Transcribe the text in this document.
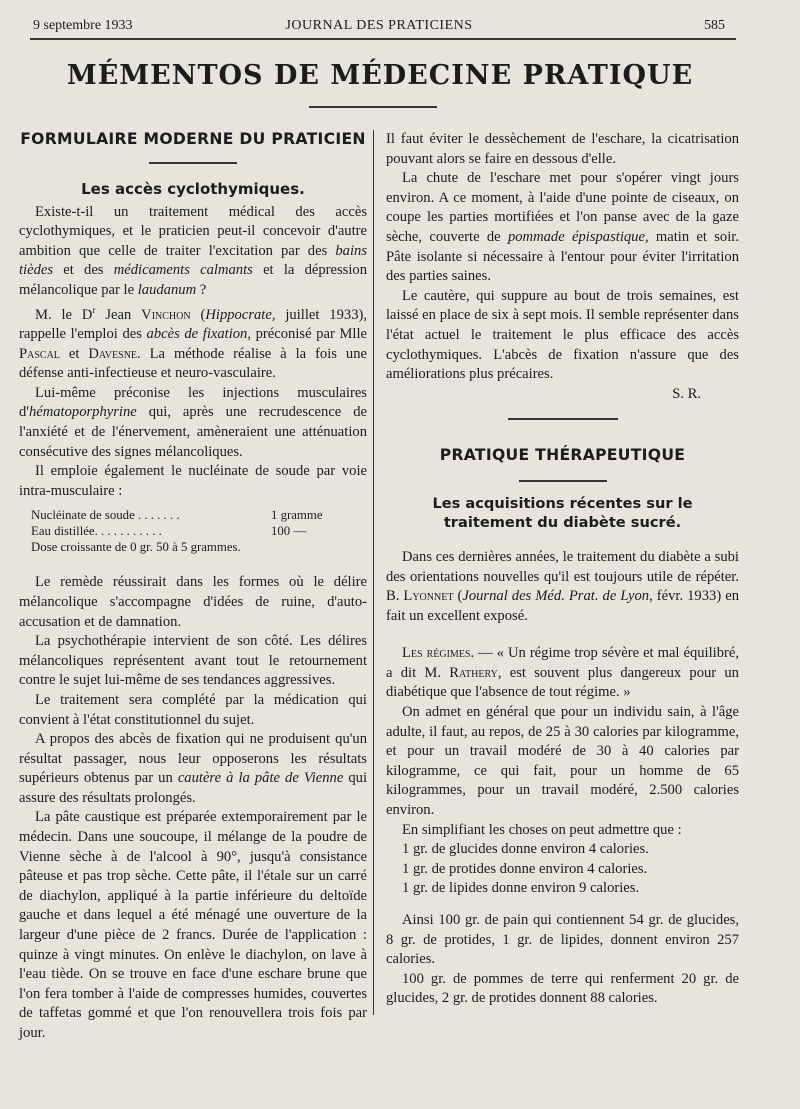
9 septembre 1933	JOURNAL DES PRATICIENS	585
MÉMENTOS DE MÉDECINE PRATIQUE
FORMULAIRE MODERNE DU PRATICIEN
Les accès cyclothymiques.

Existe-t-il un traitement médical des accès cyclothymiques, et le praticien peut-il concevoir d'autre ambition que celle de traiter l'excitation par des bains tièdes et des médicaments calmants et la dépression mélancolique par le laudanum ?

M. le $D^r$ Jean Vinchon (Hippocrate, juillet 1933), rappelle l'emploi des abcès de fixation, préconisé par Mlle Pascal et Davesne. La méthode réalise à la fois une défense anti-infectieuse et neuro-vasculaire.

Lui-même préconise les injections musculaires d'hématoporphyrine qui, après une recrudescence de l'anxiété et de l'énervement, amèneraient une atténuation consécutive des signes mélancoliques.

Il emploie également le nucléinate de soude par voie intra-musculaire :

Nucléinate de soude . . . . . . .	1 gramme
Eau distillée. . . . . . . . . . .	100 —
Dose croissante de 0 gr. 50 à 5 grammes.

Le remède réussirait dans les formes où le délire mélancolique s'accompagne d'idées de ruine, d'auto-accusation et de damnation.

La psychothérapie intervient de son côté. Les délires mélancoliques représentent avant tout le retournement contre le sujet lui-même de ses tendances aggressives.

Le traitement sera complété par la médication qui convient à l'état constitutionnel du sujet.

A propos des abcès de fixation qui ne produisent qu'un résultat passager, nous leur opposerons les résultats supérieurs obtenus par un cautère à la pâte de Vienne qui assure des résultats prolongés.

La pâte caustique est préparée extemporairement par le médecin. Dans une soucoupe, il mélange de la poudre de Vienne sèche à de l'alcool à 90°, jusqu'à consistance pâteuse et pas trop sèche. Cette pâte, il l'étale sur un carré de diachylon, appliqué à la partie inférieure du deltoïde gauche et dans lequel a été ménagé une ouverture de la largeur d'une pièce de 2 francs. Durée de l'application : quinze à vingt minutes. On enlève le diachylon, on lave à l'eau tiède. On se trouve en face d'une eschare brune que l'on fera tomber à l'aide de compresses humides, couvertes de taffetas gommé et que l'on renouvellera trois fois par jour.

Il faut éviter le dessèchement de l'eschare, la cicatrisation pouvant alors se faire en dessous d'elle.

La chute de l'eschare met pour s'opérer vingt jours environ. A ce moment, à l'aide d'une pointe de ciseaux, on coupe les parties mortifiées et l'on panse avec de la gaze sèche, couverte de pommade épispastique, matin et soir. Pâte isolante si nécessaire à l'entour pour éviter l'irritation des parties saines.

Le cautère, qui suppure au bout de trois semaines, est laissé en place de six à sept mois. Il semble représenter dans l'état actuel le traitement le plus efficace des accès cyclothymiques. L'abcès de fixation n'assure que des améliorations plus précaires.

S. R.

PRATIQUE THÉRAPEUTIQUE
Les acquisitions récentes sur le traitement du diabète sucré.

Dans ces dernières années, le traitement du diabète a subi des orientations nouvelles qu'il est toujours utile de répéter. B. Lyonnet (Journal des Méd. Prat. de Lyon, févr. 1933) en fait un excellent exposé.

Les régimes. — « Un régime trop sévère et mal équilibré, a dit M. Rathery, est souvent plus dangereux pour un diabétique que l'absence de tout régime. »

On admet en général que pour un individu sain, à l'âge adulte, il faut, au repos, de 25 à 30 calories par kilogramme, et pour un travail modéré de 30 à 40 calories par kilogramme, ce qui fait, pour un homme de 65 kilogrammes, pour un travail modéré, 2.500 calories environ.

En simplifiant les choses on peut admettre que :

1 gr. de glucides donne environ 4 calories.
1 gr. de protides donne environ 4 calories.
1 gr. de lipides donne environ 9 calories.

Ainsi 100 gr. de pain qui contiennent 54 gr. de glucides, 8 gr. de protides, 1 gr. de lipides, donnent environ 257 calories.

100 gr. de pommes de terre qui renferment 20 gr. de glucides, 2 gr. de protides donnent 88 calories.
